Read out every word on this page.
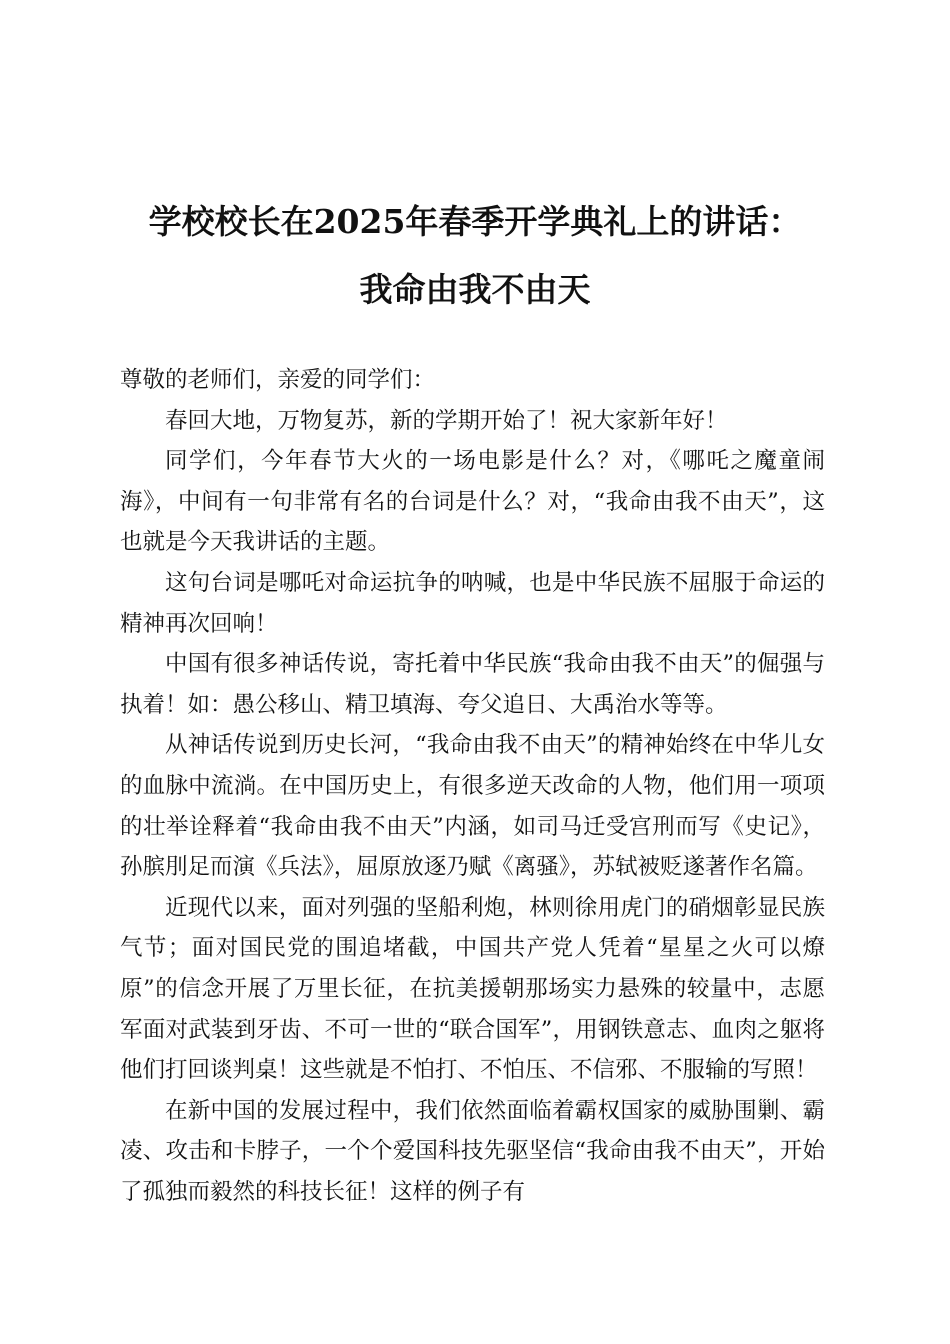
学校校长在2025年春季开学典礼上的讲话：
我命由我不由天

尊敬的老师们，亲爱的同学们：

春回大地，万物复苏，新的学期开始了！祝大家新年好！

同学们，今年春节大火的一场电影是什么？对，《哪吒之魔童闹海》，中间有一句非常有名的台词是什么？对，“我命由我不由天”，这也就是今天我讲话的主题。

这句台词是哪吒对命运抗争的呐喊，也是中华民族不屈服于命运的精神再次回响！

中国有很多神话传说，寄托着中华民族“我命由我不由天”的倔强与执着！如：愚公移山、精卫填海、夸父追日、大禹治水等等。

从神话传说到历史长河，“我命由我不由天”的精神始终在中华儿女的血脉中流淌。在中国历史上，有很多逆天改命的人物，他们用一项项的壮举诠释着“我命由我不由天”内涵，如司马迁受宫刑而写《史记》，孙膑刖足而演《兵法》，屈原放逐乃赋《离骚》，苏轼被贬遂著作名篇。

近现代以来，面对列强的坚船利炮，林则徐用虎门的硝烟彰显民族气节；面对国民党的围追堵截，中国共产党人凭着“星星之火可以燎原”的信念开展了万里长征，在抗美援朝那场实力悬殊的较量中，志愿军面对武装到牙齿、不可一世的“联合国军”，用钢铁意志、血肉之躯将他们打回谈判桌！这些就是不怕打、不怕压、不信邪、不服输的写照！

在新中国的发展过程中，我们依然面临着霸权国家的威胁围剿、霸凌、攻击和卡脖子，一个个爱国科技先驱坚信“我命由我不由天”，开始了孤独而毅然的科技长征！这样的例子有
